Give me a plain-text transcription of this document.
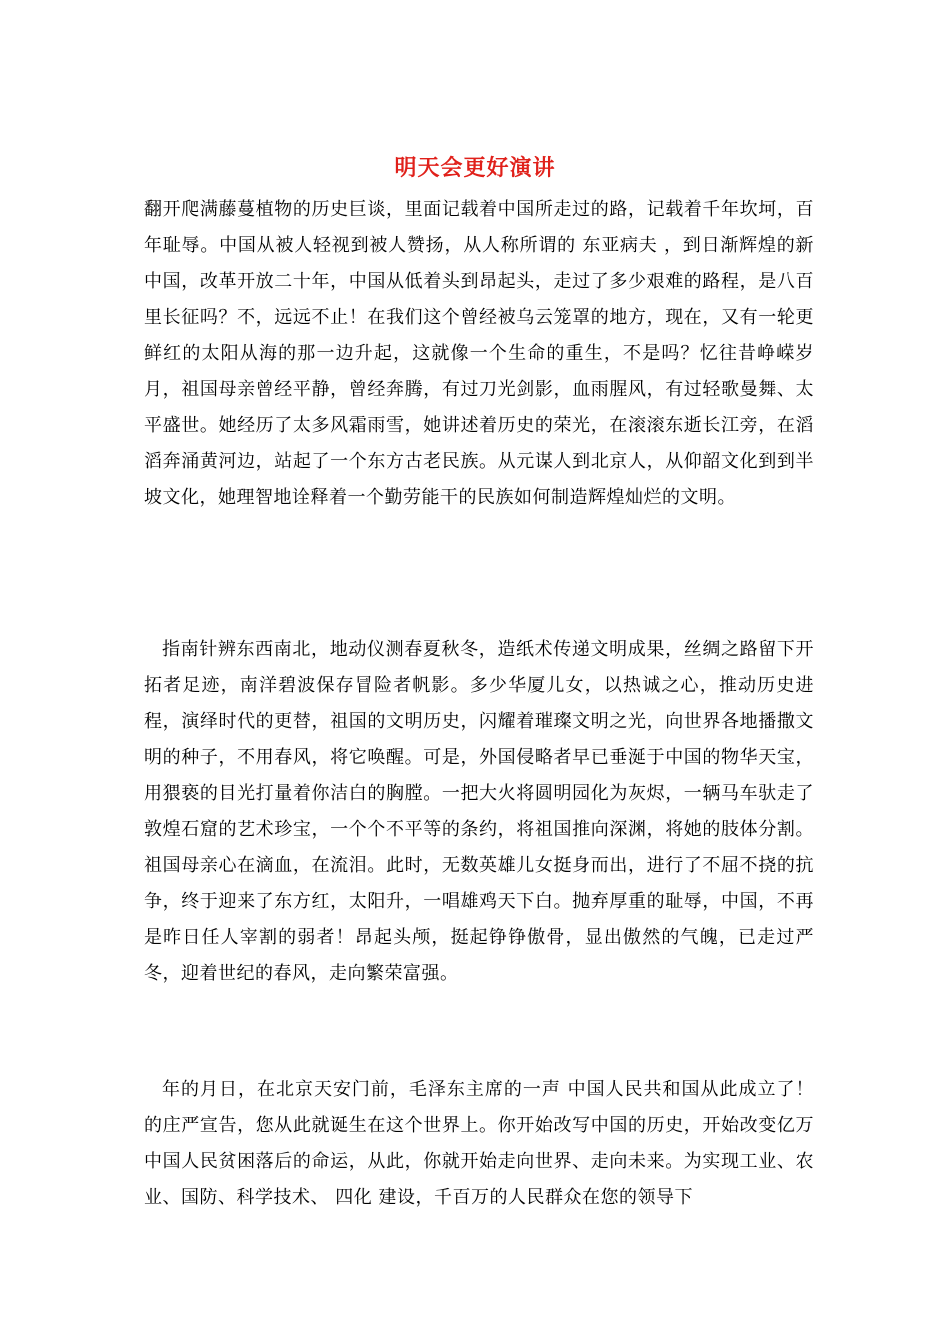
明天会更好演讲
翻开爬满藤蔓植物的历史巨谈，里面记载着中国所走过的路，记载着千年坎坷，百年耻辱。中国从被人轻视到被人赞扬，从人称所谓的 东亚病夫 ，到日渐辉煌的新中国，改革开放二十年，中国从低着头到昂起头，走过了多少艰难的路程，是八百里长征吗？不，远远不止！在我们这个曾经被乌云笼罩的地方，现在，又有一轮更鲜红的太阳从海的那一边升起，这就像一个生命的重生，不是吗？忆往昔峥嵘岁月，祖国母亲曾经平静，曾经奔腾，有过刀光剑影，血雨腥风，有过轻歌曼舞、太平盛世。她经历了太多风霜雨雪，她讲述着历史的荣光，在滚滚东逝长江旁，在滔滔奔涌黄河边，站起了一个东方古老民族。从元谋人到北京人，从仰韶文化到到半坡文化，她理智地诠释着一个勤劳能干的民族如何制造辉煌灿烂的文明。
指南针辨东西南北，地动仪测春夏秋冬，造纸术传递文明成果，丝绸之路留下开拓者足迹，南洋碧波保存冒险者帆影。多少华厦儿女，以热诚之心，推动历史进程，演绎时代的更替，祖国的文明历史，闪耀着璀璨文明之光，向世界各地播撒文明的种子，不用春风，将它唤醒。可是，外国侵略者早已垂涎于中国的物华天宝，用猥亵的目光打量着你洁白的胸膛。一把大火将圆明园化为灰烬，一辆马车驮走了敦煌石窟的艺术珍宝，一个个不平等的条约，将祖国推向深渊，将她的肢体分割。祖国母亲心在滴血，在流泪。此时，无数英雄儿女挺身而出，进行了不屈不挠的抗争，终于迎来了东方红，太阳升，一唱雄鸡天下白。抛弃厚重的耻辱，中国，不再是昨日任人宰割的弱者！昂起头颅，挺起铮铮傲骨，显出傲然的气魄，已走过严冬，迎着世纪的春风，走向繁荣富强。
年的月日，在北京天安门前，毛泽东主席的一声 中国人民共和国从此成立了！ 的庄严宣告，您从此就诞生在这个世界上。你开始改写中国的历史，开始改变亿万中国人民贫困落后的命运，从此，你就开始走向世界、走向未来。为实现工业、农业、国防、科学技术、 四化 建设，千百万的人民群众在您的领导下
